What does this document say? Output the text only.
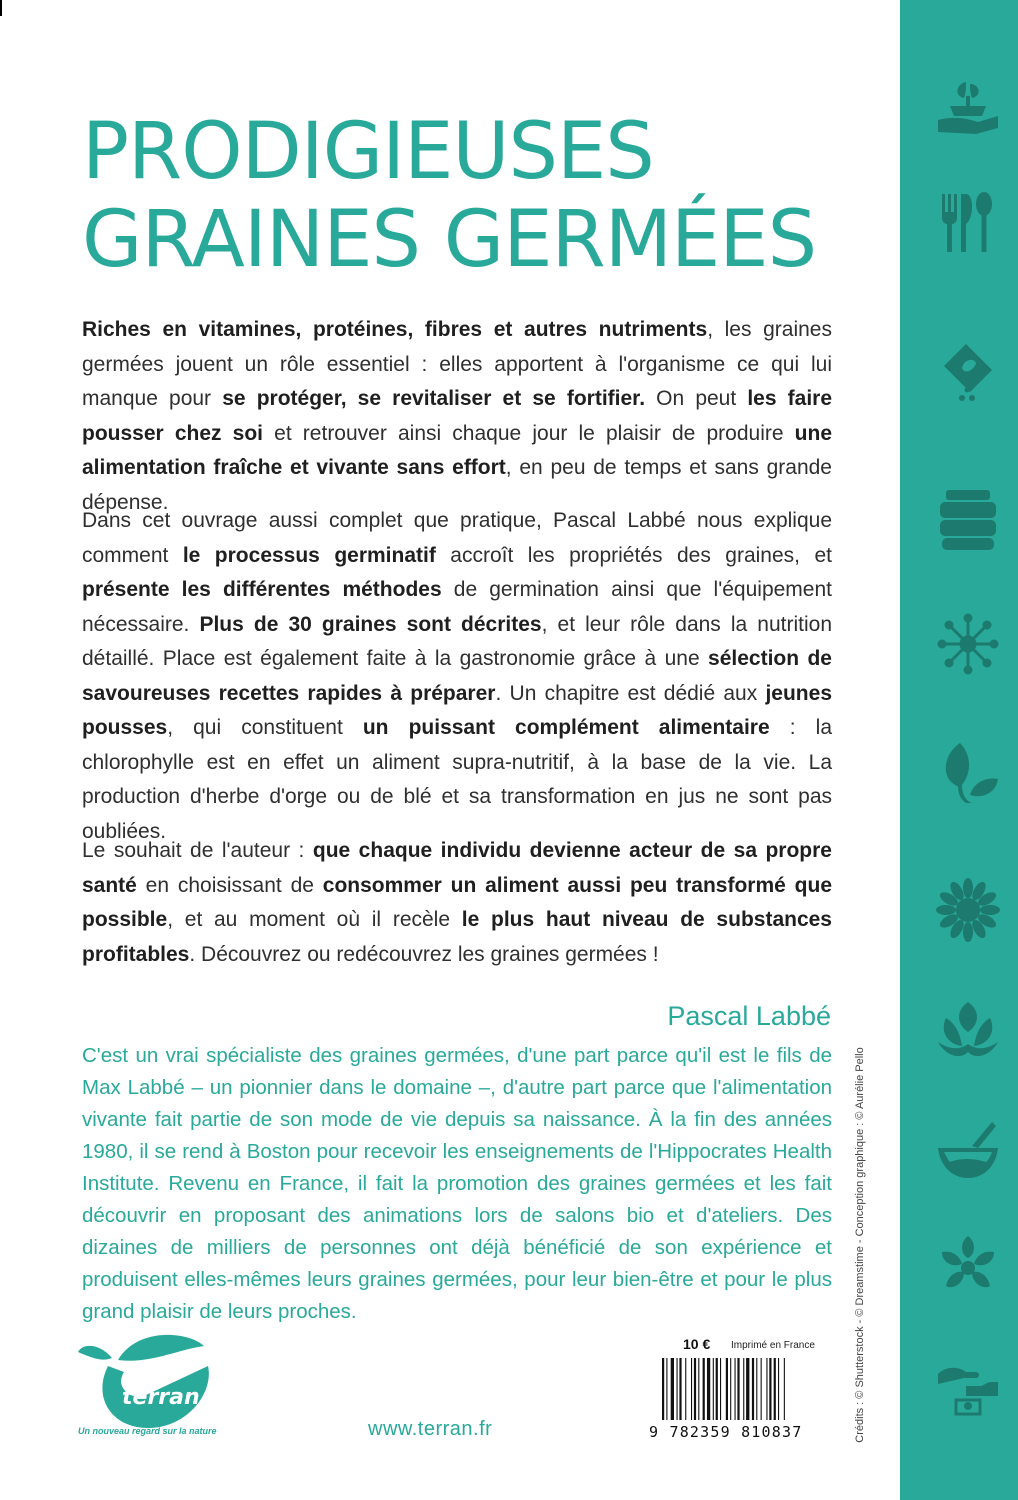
PRODIGIEUSES
GRAINES GERMÉES

Riches en vitamines, protéines, fibres et autres nutriments, les graines germées jouent un rôle essentiel : elles apportent à l'organisme ce qui lui manque pour se protéger, se revitaliser et se fortifier. On peut les faire pousser chez soi et retrouver ainsi chaque jour le plaisir de produire une alimentation fraîche et vivante sans effort, en peu de temps et sans grande dépense.

Dans cet ouvrage aussi complet que pratique, Pascal Labbé nous explique comment le processus germinatif accroît les propriétés des graines, et présente les différentes méthodes de germination ainsi que l'équipement nécessaire. Plus de 30 graines sont décrites, et leur rôle dans la nutrition détaillé. Place est également faite à la gastronomie grâce à une sélection de savoureuses recettes rapides à préparer. Un chapitre est dédié aux jeunes pousses, qui constituent un puissant complément alimentaire : la chlorophylle est en effet un aliment supra-nutritif, à la base de la vie. La production d'herbe d'orge ou de blé et sa transformation en jus ne sont pas oubliées.

Le souhait de l'auteur : que chaque individu devienne acteur de sa propre santé en choisissant de consommer un aliment aussi peu transformé que possible, et au moment où il recèle le plus haut niveau de substances profitables. Découvrez ou redécouvrez les graines germées !

Pascal Labbé

C'est un vrai spécialiste des graines germées, d'une part parce qu'il est le fils de Max Labbé – un pionnier dans le domaine –, d'autre part parce que l'alimentation vivante fait partie de son mode de vie depuis sa naissance. À la fin des années 1980, il se rend à Boston pour recevoir les enseignements de l'Hippocrates Health Institute. Revenu en France, il fait la promotion des graines germées et les fait découvrir en proposant des animations lors de salons bio et d'ateliers. Des dizaines de milliers de personnes ont déjà bénéficié de son expérience et produisent elles-mêmes leurs graines germées, pour leur bien-être et pour le plus grand plaisir de leurs proches.	Crédits : © Shutterstock - © Dreamstime - Conception graphique : © Aurélie Pello
terran
Un nouveau regard sur la nature	www.terran.fr
10 € Imprimé en France
9 782359 810837
